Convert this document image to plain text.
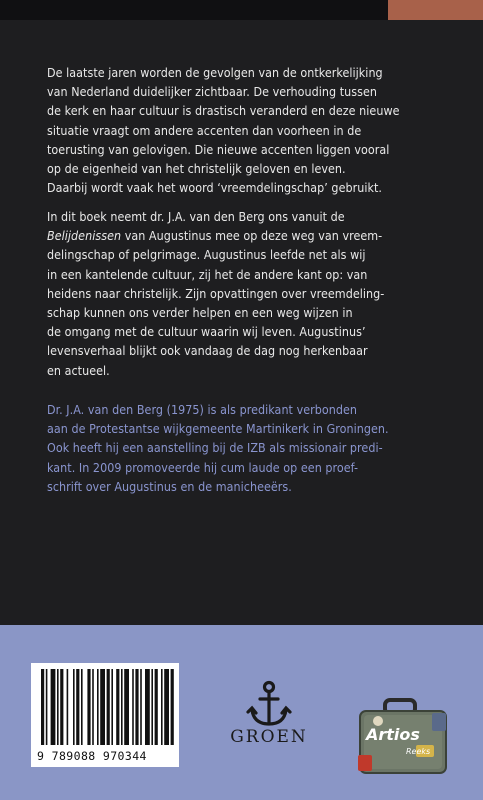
De laatste jaren worden de gevolgen van de ontkerkelijking
van Nederland duidelijker zichtbaar. De verhouding tussen
de kerk en haar cultuur is drastisch veranderd en deze nieuwe
situatie vraagt om andere accenten dan voorheen in de
toerusting van gelovigen. Die nieuwe accenten liggen vooral
op de eigenheid van het christelijk geloven en leven.
Daarbij wordt vaak het woord ‘vreemdelingschap’ gebruikt.
In dit boek neemt dr. J.A. van den Berg ons vanuit de
Belijdenissen van Augustinus mee op deze weg van vreem-
delingschap of pelgrimage. Augustinus leefde net als wij
in een kantelende cultuur, zij het de andere kant op: van
heidens naar christelijk. Zijn opvattingen over vreemdeling-
schap kunnen ons verder helpen en een weg wijzen in
de omgang met de cultuur waarin wij leven. Augustinus’
levensverhaal blijkt ook vandaag de dag nog herkenbaar
en actueel.
Dr. J.A. van den Berg (1975) is als predikant verbonden
aan de Protestantse wijkgemeente Martinikerk in Groningen.
Ook heeft hij een aanstelling bij de IZB als missionair predi-
kant. In 2009 promoveerde hij cum laude op een proef-
schrift over Augustinus en de manicheeërs.
9 789088 970344
GROEN	Artios
Reeks
